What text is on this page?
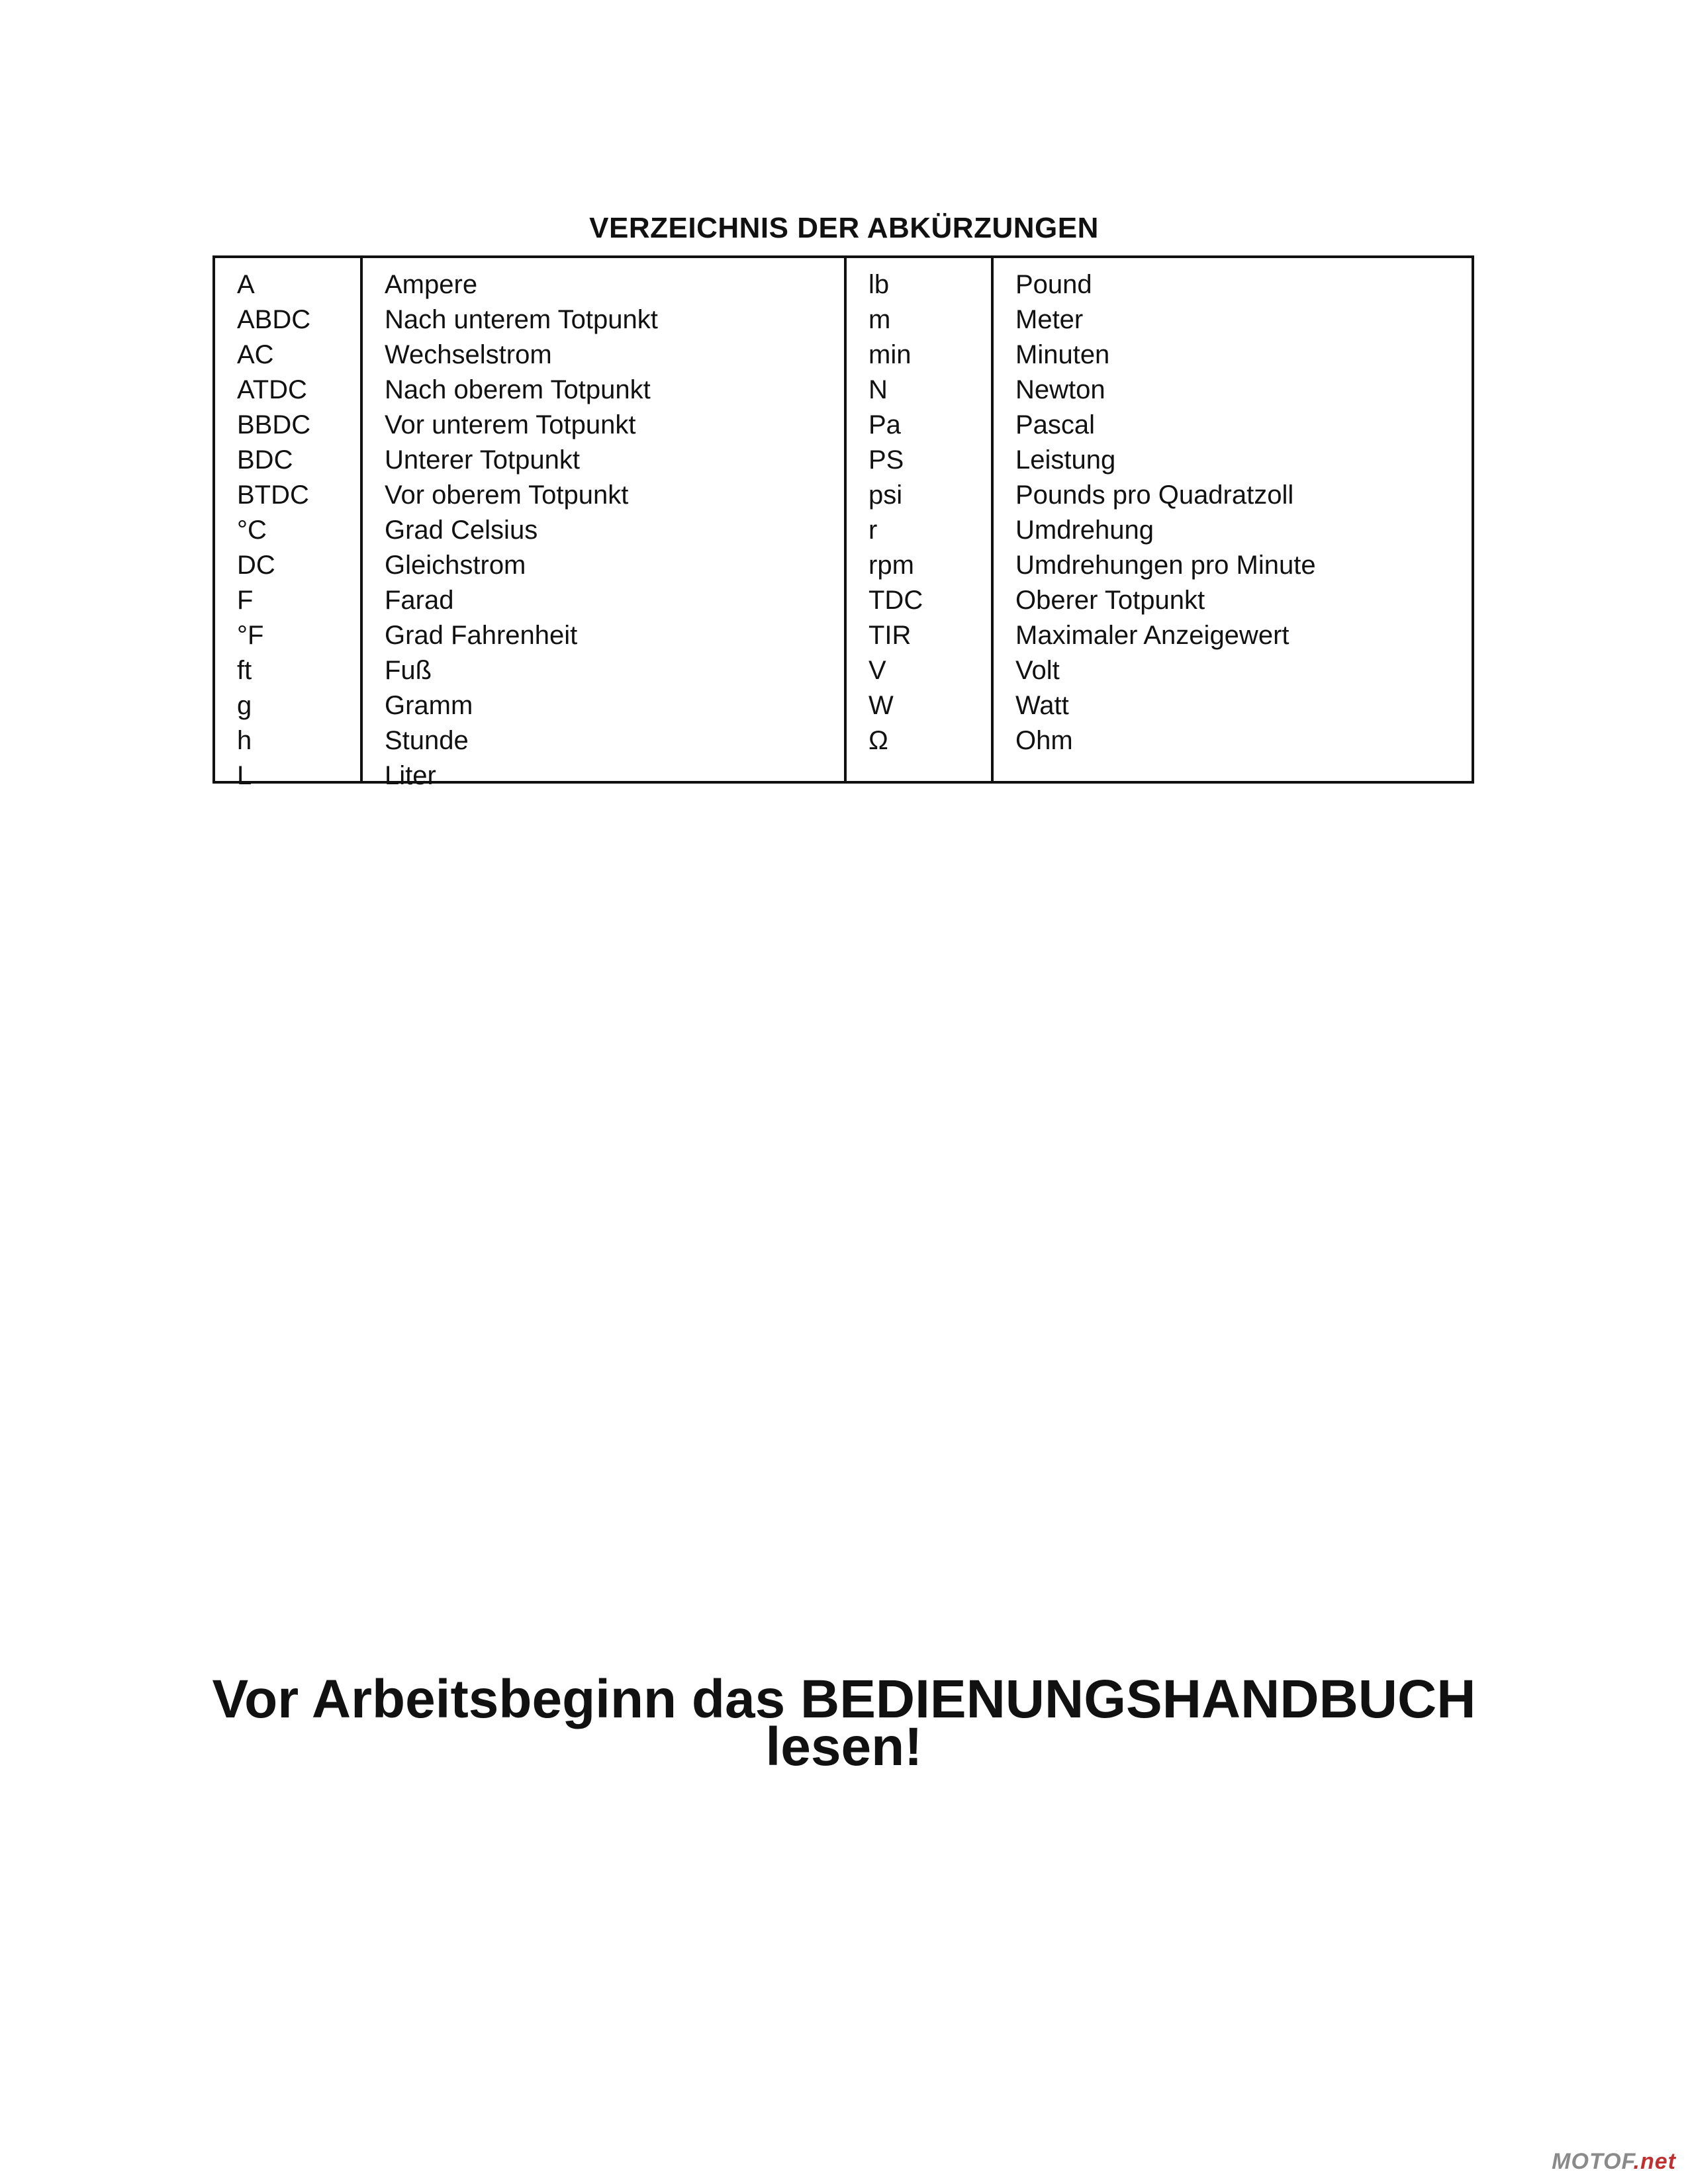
VERZEICHNIS DER ABKÜRZUNGEN
A
ABDC
AC
ATDC
BBDC
BDC
BTDC
°C
DC
F
°F
ft
g
h
L
Ampere
Nach unterem Totpunkt
Wechselstrom
Nach oberem Totpunkt
Vor unterem Totpunkt
Unterer Totpunkt
Vor oberem Totpunkt
Grad Celsius
Gleichstrom
Farad
Grad Fahrenheit
Fuß
Gramm
Stunde
Liter
lb
m
min
N
Pa
PS
psi
r
rpm
TDC
TIR
V
W
Ω
Pound
Meter
Minuten
Newton
Pascal
Leistung
Pounds pro Quadratzoll
Umdrehung
Umdrehungen pro Minute
Oberer Totpunkt
Maximaler Anzeigewert
Volt
Watt
Ohm
Vor Arbeitsbeginn das BEDIENUNGSHANDBUCH
lesen!
MOTOF.net
